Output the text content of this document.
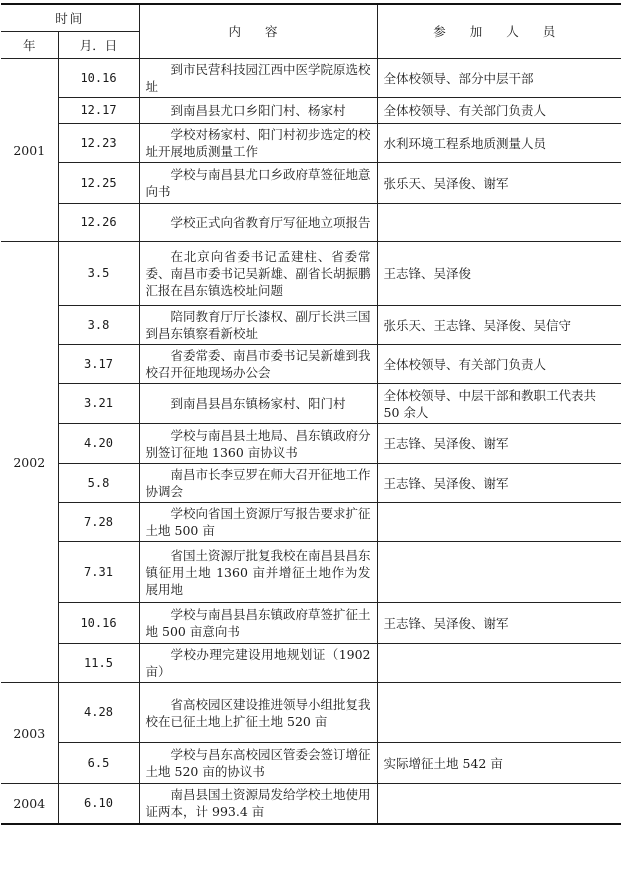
时间		内 容	参 加 人 员
年	月．日		
2001	10.16	到市民营科技园江西中医学院原选校址	全体校领导、部分中层干部
	12.17	到南昌县尤口乡阳门村、杨家村	全体校领导、有关部门负责人
	12.23	学校对杨家村、阳门村初步选定的校址开展地质测量工作	水利环境工程系地质测量人员
	12.25	学校与南昌县尤口乡政府草签征地意向书	张乐天、吴泽俊、谢军
	12.26	学校正式向省教育厅写征地立项报告	
2002	3.5	在北京向省委书记孟建柱、省委常委、南昌市委书记吴新雄、副省长胡振鹏汇报在昌东镇选校址问题	王志锋、吴泽俊
	3.8	陪同教育厅厅长漆权、副厅长洪三国到昌东镇察看新校址	张乐天、王志锋、吴泽俊、吴信守
	3.17	省委常委、南昌市委书记吴新雄到我校召开征地现场办公会	全体校领导、有关部门负责人
	3.21	到南昌县昌东镇杨家村、阳门村	全体校领导、中层干部和教职工代表共 50 余人
	4.20	学校与南昌县土地局、昌东镇政府分别签订征地 1360 亩协议书	王志锋、吴泽俊、谢军
	5.8	南昌市长李豆罗在师大召开征地工作协调会	王志锋、吴泽俊、谢军
	7.28	学校向省国土资源厅写报告要求扩征土地 500 亩	
	7.31	省国土资源厅批复我校在南昌县昌东镇征用土地 1360 亩并增征土地作为发展用地	
	10.16	学校与南昌县昌东镇政府草签扩征土地 500 亩意向书	王志锋、吴泽俊、谢军
	11.5	学校办理完建设用地规划证（1902 亩）	
2003	4.28	省高校园区建设推进领导小组批复我校在已征土地上扩征土地 520 亩	
	6.5	学校与昌东高校园区管委会签订增征土地 520 亩的协议书	实际增征土地 542 亩
2004	6.10	南昌县国土资源局发给学校土地使用证两本，计 993.4 亩	
